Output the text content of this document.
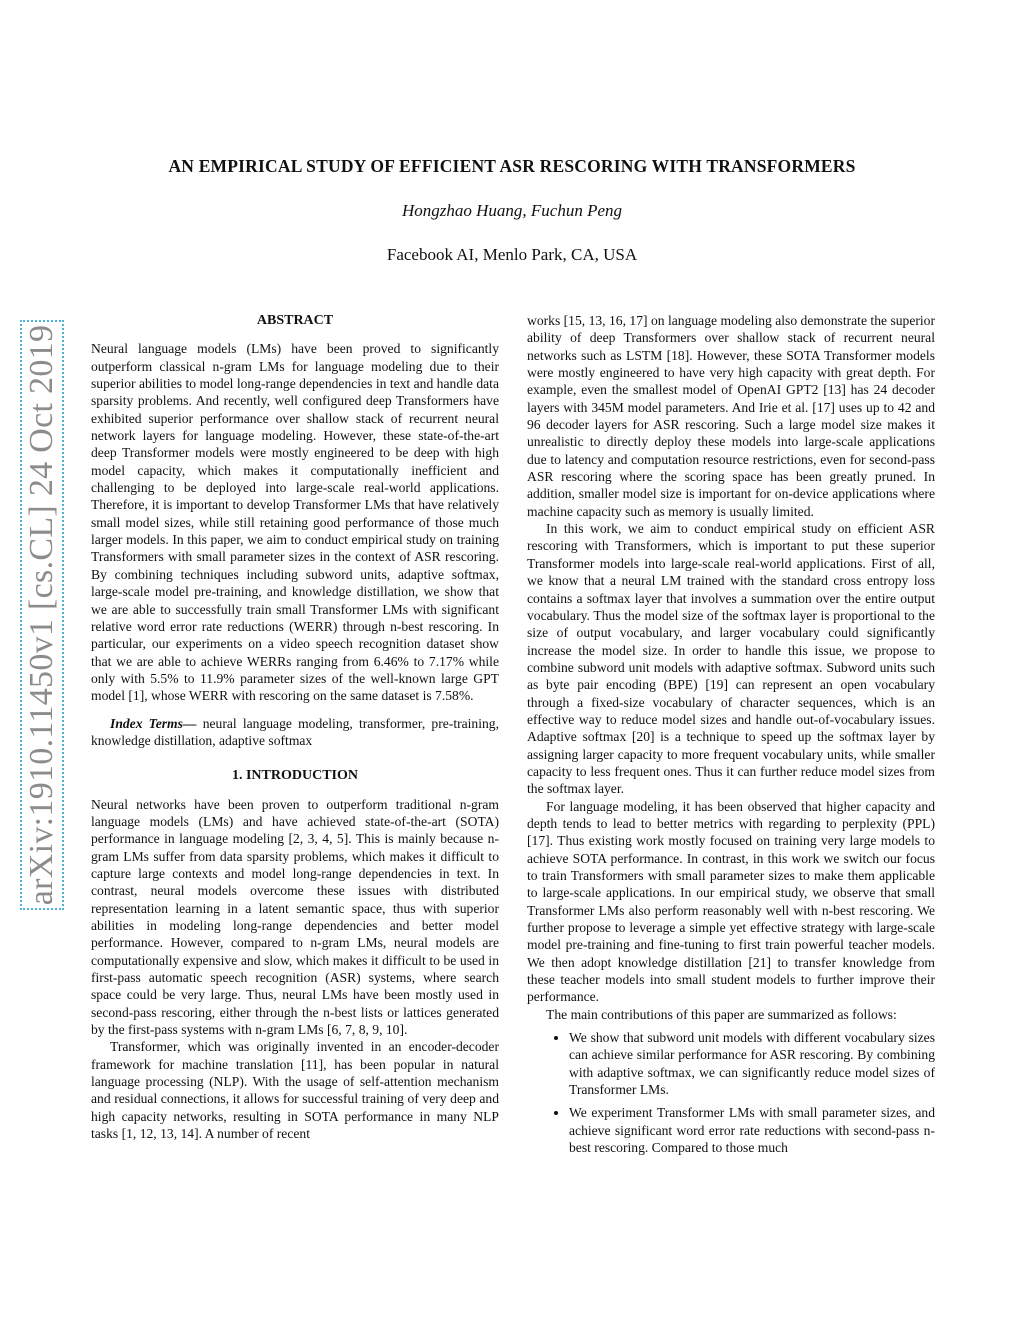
arXiv:1910.11450v1 [cs.CL] 24 Oct 2019
AN EMPIRICAL STUDY OF EFFICIENT ASR RESCORING WITH TRANSFORMERS
Hongzhao Huang, Fuchun Peng
Facebook AI, Menlo Park, CA, USA
ABSTRACT

Neural language models (LMs) have been proved to significantly outperform classical n-gram LMs for language modeling due to their superior abilities to model long-range dependencies in text and handle data sparsity problems. And recently, well configured deep Transformers have exhibited superior performance over shallow stack of recurrent neural network layers for language modeling. However, these state-of-the-art deep Transformer models were mostly engineered to be deep with high model capacity, which makes it computationally inefficient and challenging to be deployed into large-scale real-world applications. Therefore, it is important to develop Transformer LMs that have relatively small model sizes, while still retaining good performance of those much larger models. In this paper, we aim to conduct empirical study on training Transformers with small parameter sizes in the context of ASR rescoring. By combining techniques including subword units, adaptive softmax, large-scale model pre-training, and knowledge distillation, we show that we are able to successfully train small Transformer LMs with significant relative word error rate reductions (WERR) through n-best rescoring. In particular, our experiments on a video speech recognition dataset show that we are able to achieve WERRs ranging from 6.46% to 7.17% while only with 5.5% to 11.9% parameter sizes of the well-known large GPT model [1], whose WERR with rescoring on the same dataset is 7.58%.

Index Terms— neural language modeling, transformer, pre-training, knowledge distillation, adaptive softmax

1. INTRODUCTION

Neural networks have been proven to outperform traditional n-gram language models (LMs) and have achieved state-of-the-art (SOTA) performance in language modeling [2, 3, 4, 5]. This is mainly because n-gram LMs suffer from data sparsity problems, which makes it difficult to capture large contexts and model long-range dependencies in text. In contrast, neural models overcome these issues with distributed representation learning in a latent semantic space, thus with superior abilities in modeling long-range dependencies and better model performance. However, compared to n-gram LMs, neural models are computationally expensive and slow, which makes it difficult to be used in first-pass automatic speech recognition (ASR) systems, where search space could be very large. Thus, neural LMs have been mostly used in second-pass rescoring, either through the n-best lists or lattices generated by the first-pass systems with n-gram LMs [6, 7, 8, 9, 10].

Transformer, which was originally invented in an encoder-decoder framework for machine translation [11], has been popular in natural language processing (NLP). With the usage of self-attention mechanism and residual connections, it allows for successful training of very deep and high capacity networks, resulting in SOTA performance in many NLP tasks [1, 12, 13, 14]. A number of recent

works [15, 13, 16, 17] on language modeling also demonstrate the superior ability of deep Transformers over shallow stack of recurrent neural networks such as LSTM [18]. However, these SOTA Transformer models were mostly engineered to have very high capacity with great depth. For example, even the smallest model of OpenAI GPT2 [13] has 24 decoder layers with 345M model parameters. And Irie et al. [17] uses up to 42 and 96 decoder layers for ASR rescoring. Such a large model size makes it unrealistic to directly deploy these models into large-scale applications due to latency and computation resource restrictions, even for second-pass ASR rescoring where the scoring space has been greatly pruned. In addition, smaller model size is important for on-device applications where machine capacity such as memory is usually limited.

In this work, we aim to conduct empirical study on efficient ASR rescoring with Transformers, which is important to put these superior Transformer models into large-scale real-world applications. First of all, we know that a neural LM trained with the standard cross entropy loss contains a softmax layer that involves a summation over the entire output vocabulary. Thus the model size of the softmax layer is proportional to the size of output vocabulary, and larger vocabulary could significantly increase the model size. In order to handle this issue, we propose to combine subword unit models with adaptive softmax. Subword units such as byte pair encoding (BPE) [19] can represent an open vocabulary through a fixed-size vocabulary of character sequences, which is an effective way to reduce model sizes and handle out-of-vocabulary issues. Adaptive softmax [20] is a technique to speed up the softmax layer by assigning larger capacity to more frequent vocabulary units, while smaller capacity to less frequent ones. Thus it can further reduce model sizes from the softmax layer.

For language modeling, it has been observed that higher capacity and depth tends to lead to better metrics with regarding to perplexity (PPL) [17]. Thus existing work mostly focused on training very large models to achieve SOTA performance. In contrast, in this work we switch our focus to train Transformers with small parameter sizes to make them applicable to large-scale applications. In our empirical study, we observe that small Transformer LMs also perform reasonably well with n-best rescoring. We further propose to leverage a simple yet effective strategy with large-scale model pre-training and fine-tuning to first train powerful teacher models. We then adopt knowledge distillation [21] to transfer knowledge from these teacher models into small student models to further improve their performance.

The main contributions of this paper are summarized as follows:

• We show that subword unit models with different vocabulary sizes can achieve similar performance for ASR rescoring. By combining with adaptive softmax, we can significantly reduce model sizes of Transformer LMs.
• We experiment Transformer LMs with small parameter sizes, and achieve significant word error rate reductions with second-pass n-best rescoring. Compared to those much
